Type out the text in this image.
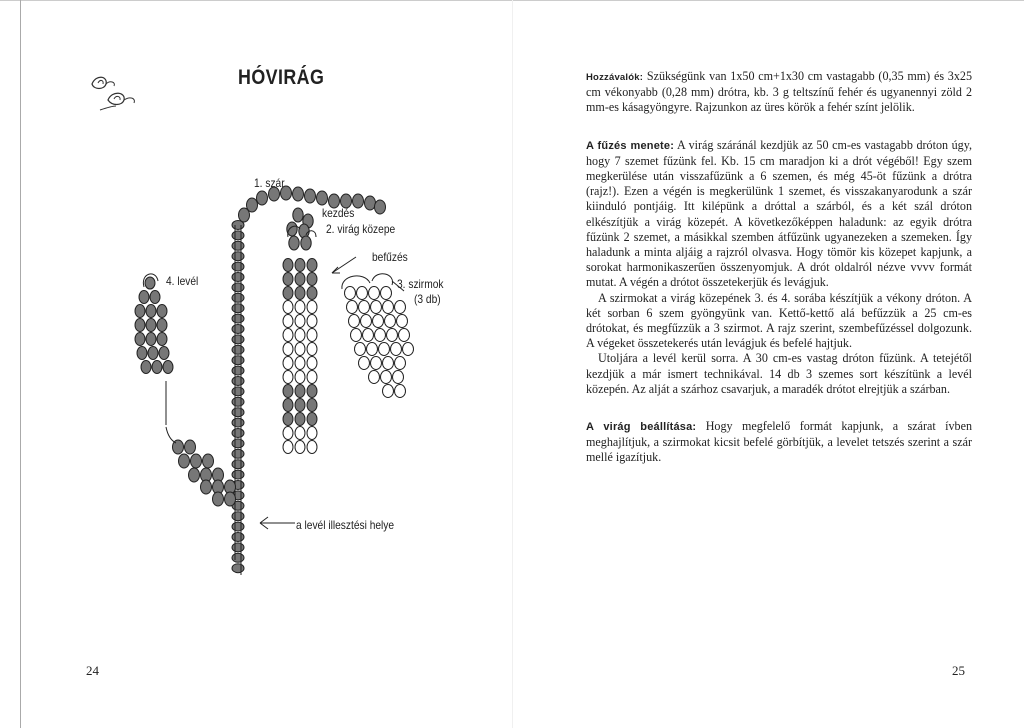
HÓVIRÁG
1. szár
kezdés
2. virág közepe
befűzés
3. szirmok
(3 db)
4. levél
a levél illesztési helye
24

Hozzávalók: Szükségünk van 1x50 cm+1x30 cm vastagabb (0,35 mm) és 3x25 cm vékonyabb (0,28 mm) drótra, kb. 3 g teltszínű fehér és ugyanennyi zöld 2 mm-es kásagyöngyre. Rajzunkon az üres körök a fehér színt jelölik.

A fűzés menete: A virág száránál kezdjük az 50 cm-es vastagabb dróton úgy, hogy 7 szemet fűzünk fel. Kb. 15 cm maradjon ki a drót végéből! Egy szem megkerülése után visszafűzünk a 6 szemen, és még 45-öt fűzünk a drótra (rajz!). Ezen a végén is megkerülünk 1 szemet, és visszakanyarodunk a szár kiinduló pontjáig. Itt kilépünk a dróttal a szárból, és a két szál dróton elkészítjük a virág közepét. A következőképpen haladunk: az egyik drótra fűzünk 2 szemet, a másikkal szemben átfűzünk ugyanezeken a szemeken. Így haladunk a minta aljáig a rajzról olvasva. Hogy tömör kis közepet kapjunk, a sorokat harmonikaszerűen összenyomjuk. A drót oldalról nézve vvvv formát mutat. A végén a drótot összetekerjük és levágjuk.

A szirmokat a virág közepének 3. és 4. sorába készítjük a vékony dróton. A két sorban 6 szem gyöngyünk van. Kettő-kettő alá befűzzük a 25 cm-es drótokat, és megfűzzük a 3 szirmot. A rajz szerint, szembefűzéssel dolgozunk. A végeket összetekerés után levágjuk és befelé hajtjuk.

Utoljára a levél kerül sorra. A 30 cm-es vastag dróton fűzünk. A tetejétől kezdjük a már ismert technikával. 14 db 3 szemes sort készítünk a levél közepén. Az alját a szárhoz csavarjuk, a maradék drótot elrejtjük a szárban.

A virág beállítása: Hogy megfelelő formát kapjunk, a szárat ívben meghajlítjuk, a szirmokat kicsit befelé görbítjük, a levelet tetszés szerint a szár mellé igazítjuk.

25
